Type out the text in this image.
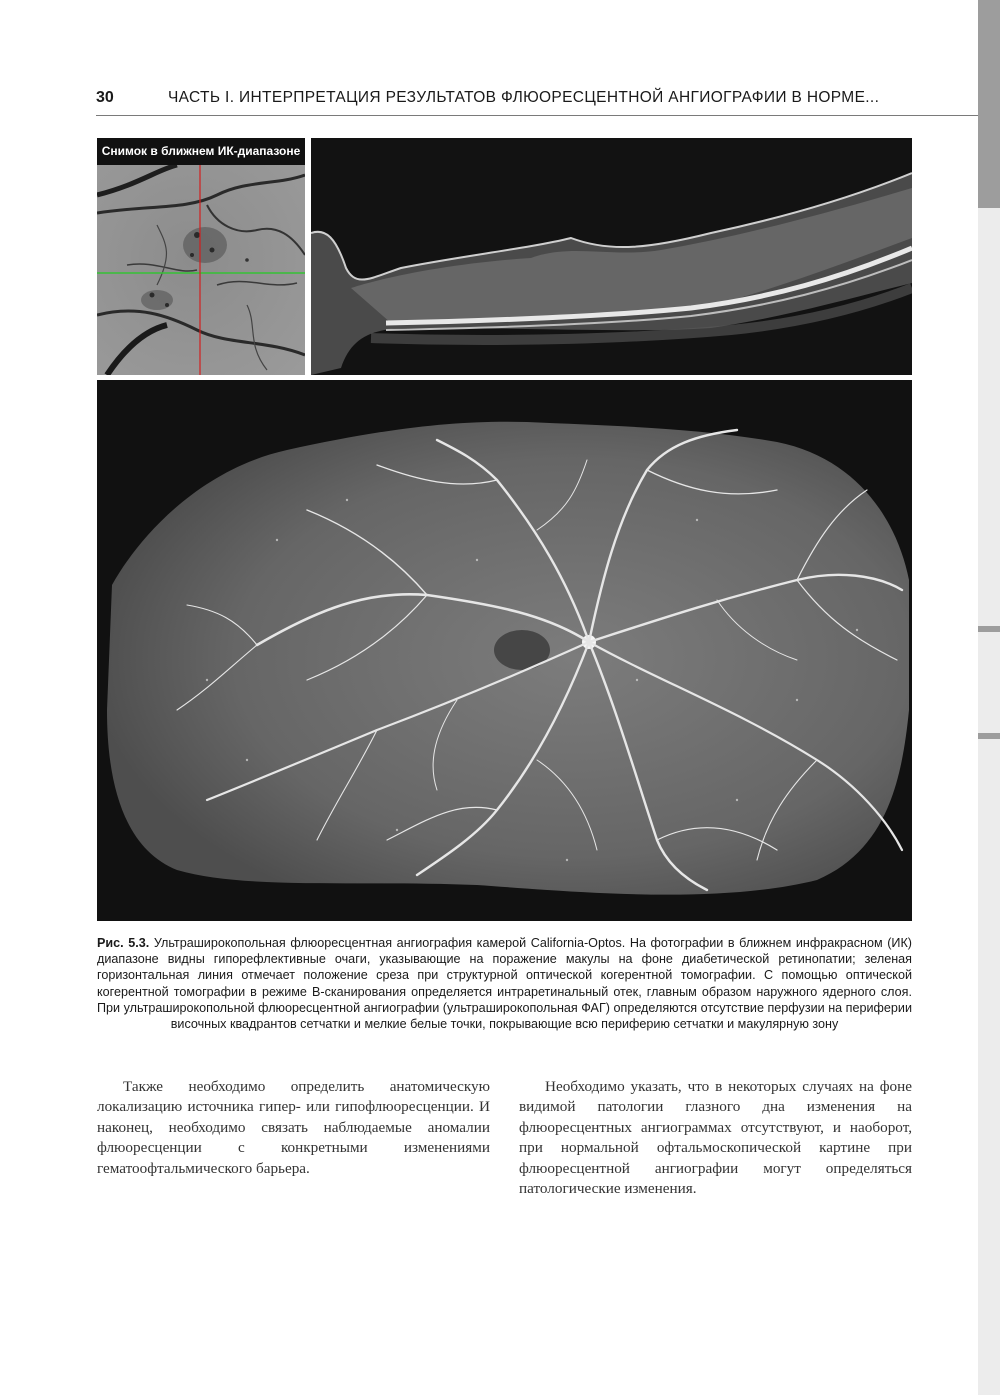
30	ЧАСТЬ I. ИНТЕРПРЕТАЦИЯ РЕЗУЛЬТАТОВ ФЛЮОРЕСЦЕНТНОЙ АНГИОГРАФИИ В НОРМЕ...
Снимок в ближнем ИК-диапазоне
Рис. 5.3. Ультраширокопольная флюоресцентная ангиография камерой California-Optos. На фотографии в ближнем инфракрасном (ИК) диапазоне видны гипорефлективные очаги, указывающие на поражение макулы на фоне диабетической ретинопатии; зеленая горизонтальная линия отмечает положение среза при структурной оптической когерентной томографии. С помощью оптической когерентной томографии в режиме B-сканирования определяется интраретинальный отек, главным образом наружного ядерного слоя. При ультраширокопольной флюоресцентной ангиографии (ультраширокопольная ФАГ) определяются отсутствие перфузии на периферии височных квадрантов сетчатки и мелкие белые точки, покрывающие всю периферию сетчатки и макулярную зону
Также необходимо определить анатомическую локализацию источника гипер- или гипофлюоресценции. И наконец, необходимо связать наблюдаемые аномалии флюоресценции с конкретными изменениями гематоофтальмического барьера.
Необходимо указать, что в некоторых случаях на фоне видимой патологии глазного дна изменения на флюоресцентных ангиограммах отсутствуют, и наоборот, при нормальной офтальмоскопической картине при флюоресцентной ангиографии могут определяться патологические изменения.
